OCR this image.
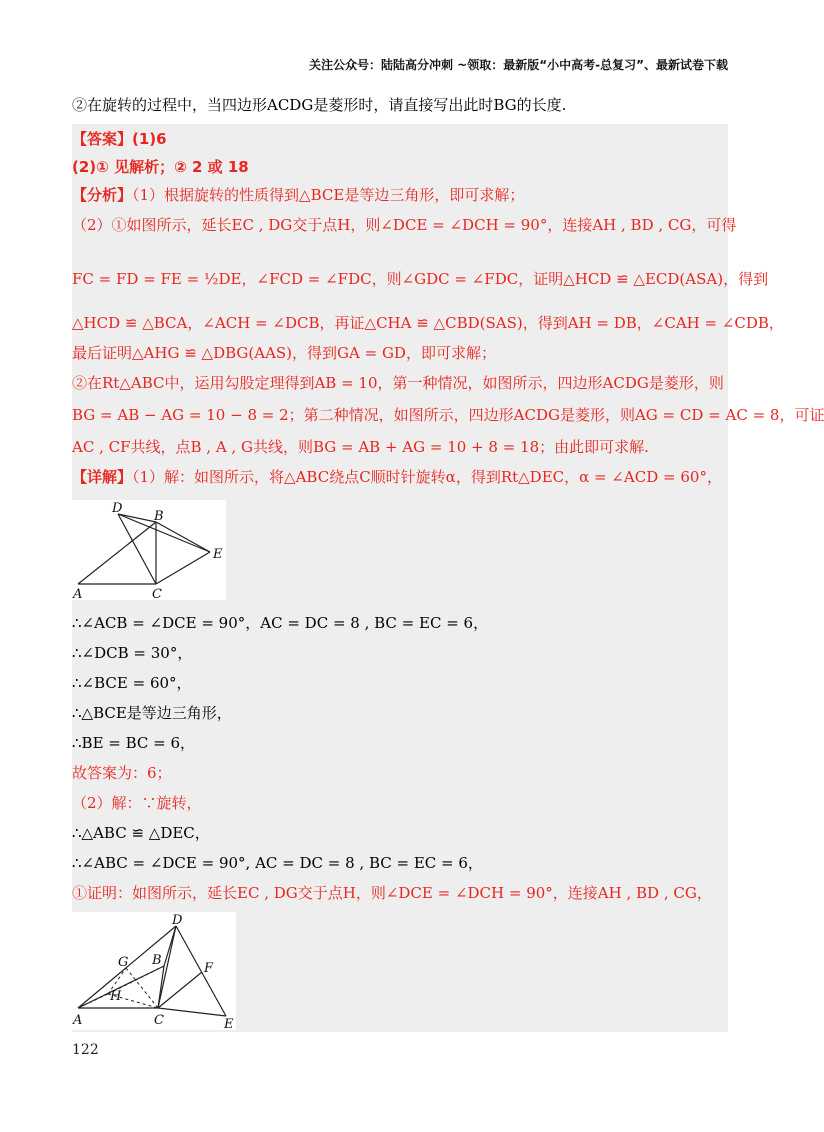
关注公众号：陆陆高分冲刺 ~领取：最新版“小中高考-总复习”、最新试卷下载
②在旋转的过程中，当四边形ACDG是菱形时，请直接写出此时BG的长度.
【答案】(1)6
(2)① 见解析；② 2 或 18
【分析】（1）根据旋转的性质得到△BCE是等边三角形，即可求解；
（2）①如图所示，延长EC , DG交于点H，则∠DCE = ∠DCH = 90°，连接AH , BD , CG，可得
FC = FD = FE = ½DE，∠FCD = ∠FDC，则∠GDC = ∠FDC，证明△HCD ≌ △ECD(ASA)，得到
△HCD ≌ △BCA，∠ACH = ∠DCB，再证△CHA ≌ △CBD(SAS)，得到AH = DB，∠CAH = ∠CDB，
最后证明△AHG ≌ △DBG(AAS)，得到GA = GD，即可求解；
②在Rt△ABC中，运用勾股定理得到AB = 10，第一种情况，如图所示，四边形ACDG是菱形，则
BG = AB − AG = 10 − 8 = 2；第二种情况，如图所示，四边形ACDG是菱形，则AG = CD = AC = 8，可证
AC , CF共线，点B , A , G共线，则BG = AB + AG = 10 + 8 = 18；由此即可求解.
【详解】（1）解：如图所示，将△ABC绕点C顺时针旋转α，得到Rt△DEC，α = ∠ACD = 60°，
D
B
E
A	C
∴∠ACB = ∠DCE = 90°，AC = DC = 8 , BC = EC = 6，
∴∠DCB = 30°，
∴∠BCE = 60°，
∴△BCE是等边三角形，
∴BE = BC = 6，
故答案为：6；
（2）解：∵旋转，
∴△ABC ≌ △DEC，
∴∠ABC = ∠DCE = 90°, AC = DC = 8 , BC = EC = 6，
①证明：如图所示，延长EC , DG交于点H，则∠DCE = ∠DCH = 90°，连接AH , BD , CG，
D
G B
F
H
A	C	E
122
